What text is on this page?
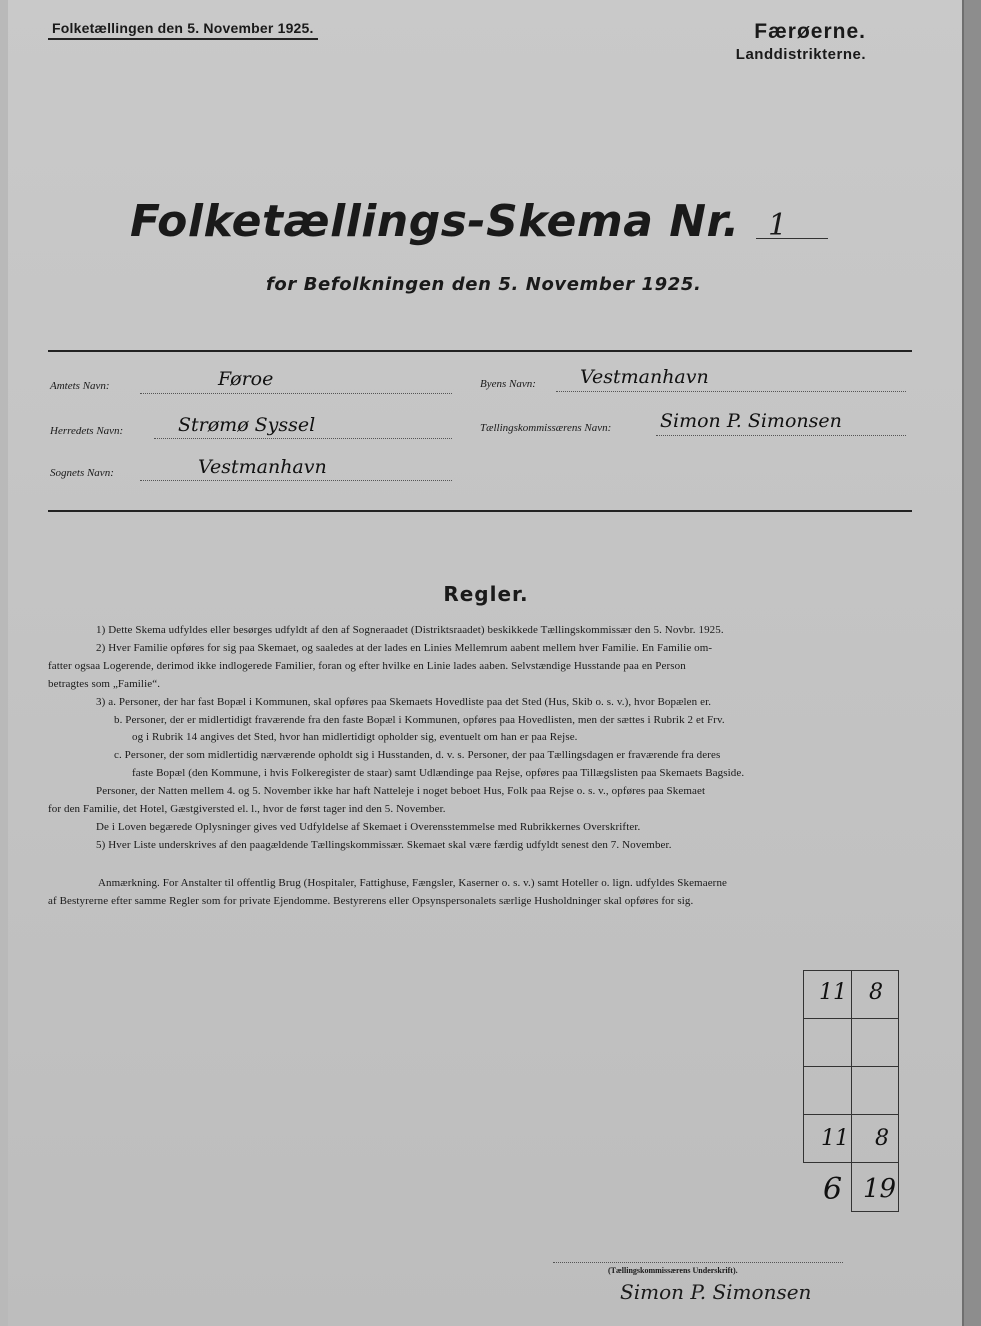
Folketællingen den 5. November 1925.	Færøerne.
Landdistrikterne.
Folketællings-Skema Nr. 1
for Befolkningen den 5. November 1925.
Amtets Navn:	Føroe
Herredets Navn:	Strømø Syssel
Sognets Navn:	Vestmanhavn
Byens Navn: Vestmanhavn
Tællingskommissærens Navn:	Simon P. Simonsen
Regler.
1) Dette Skema udfyldes eller besørges udfyldt af den af Sogneraadet (Distriktsraadet) beskikkede Tællingskommissær den 5. Novbr. 1925.
2) Hver Familie opføres for sig paa Skemaet, og saaledes at der lades en Linies Mellemrum aabent mellem hver Familie. En Familie om-
fatter ogsaa Logerende, derimod ikke indlogerede Familier, foran og efter hvilke en Linie lades aaben. Selvstændige Husstande paa en Person
betragtes som „Familie“.
3) a. Personer, der har fast Bopæl i Kommunen, skal opføres paa Skemaets Hovedliste paa det Sted (Hus, Skib o. s. v.), hvor Bopælen er.
b. Personer, der er midlertidigt fraværende fra den faste Bopæl i Kommunen, opføres paa Hovedlisten, men der sættes i Rubrik 2 et Frv.
og i Rubrik 14 angives det Sted, hvor han midlertidigt opholder sig, eventuelt om han er paa Rejse.
c. Personer, der som midlertidig nærværende opholdt sig i Husstanden, d. v. s. Personer, der paa Tællingsdagen er fraværende fra deres
faste Bopæl (den Kommune, i hvis Folkeregister de staar) samt Udlændinge paa Rejse, opføres paa Tillægslisten paa Skemaets Bagside.
Personer, der Natten mellem 4. og 5. November ikke har haft Natteleje i noget beboet Hus, Folk paa Rejse o. s. v., opføres paa Skemaet
for den Familie, det Hotel, Gæstgiversted el. l., hvor de først tager ind den 5. November.
De i Loven begærede Oplysninger gives ved Udfyldelse af Skemaet i Overensstemmelse med Rubrikkernes Overskrifter.
5) Hver Liste underskrives af den paagældende Tællingskommissær. Skemaet skal være færdig udfyldt senest den 7. November.
Anmærkning. For Anstalter til offentlig Brug (Hospitaler, Fattighuse, Fængsler, Kaserner o. s. v.) samt Hoteller o. lign. udfyldes Skemaerne
af Bestyrerne efter samme Regler som for private Ejendomme. Bestyrerens eller Opsynspersonalets særlige Husholdninger skal opføres for sig.
11 8
11 8
6 19
(Tællingskommissærens Underskrift).
Simon P. Simonsen
